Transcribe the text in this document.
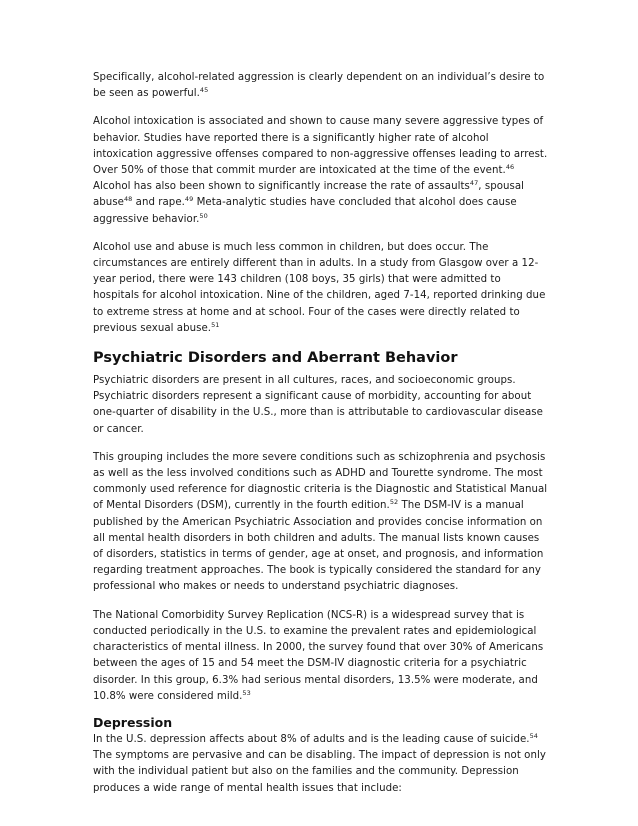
Specifically, alcohol-related aggression is clearly dependent on an individual’s desire to be seen as powerful.$^{45}$

Alcohol intoxication is associated and shown to cause many severe aggressive types of behavior. Studies have reported there is a significantly higher rate of alcohol intoxication aggressive offenses compared to non-aggressive offenses leading to arrest. Over 50% of those that commit murder are intoxicated at the time of the event.$^{46}$ Alcohol has also been shown to significantly increase the rate of assaults$^{47}$, spousal abuse$^{48}$ and rape.$^{49}$ Meta-analytic studies have concluded that alcohol does cause aggressive behavior.$^{50}$

Alcohol use and abuse is much less common in children, but does occur. The circumstances are entirely different than in adults. In a study from Glasgow over a 12-year period, there were 143 children (108 boys, 35 girls) that were admitted to hospitals for alcohol intoxication. Nine of the children, aged 7-14, reported drinking due to extreme stress at home and at school. Four of the cases were directly related to previous sexual abuse.$^{51}$

Psychiatric Disorders and Aberrant Behavior

Psychiatric disorders are present in all cultures, races, and socioeconomic groups. Psychiatric disorders represent a significant cause of morbidity, accounting for about one-quarter of disability in the U.S., more than is attributable to cardiovascular disease or cancer.

This grouping includes the more severe conditions such as schizophrenia and psychosis as well as the less involved conditions such as ADHD and Tourette syndrome. The most commonly used reference for diagnostic criteria is the Diagnostic and Statistical Manual of Mental Disorders (DSM), currently in the fourth edition.$^{52}$ The DSM-IV is a manual published by the American Psychiatric Association and provides concise information on all mental health disorders in both children and adults. The manual lists known causes of disorders, statistics in terms of gender, age at onset, and prognosis, and information regarding treatment approaches. The book is typically considered the standard for any professional who makes or needs to understand psychiatric diagnoses.

The National Comorbidity Survey Replication (NCS-R) is a widespread survey that is conducted periodically in the U.S. to examine the prevalent rates and epidemiological characteristics of mental illness. In 2000, the survey found that over 30% of Americans between the ages of 15 and 54 meet the DSM-IV diagnostic criteria for a psychiatric disorder. In this group, 6.3% had serious mental disorders, 13.5% were moderate, and 10.8% were considered mild.$^{53}$

Depression

In the U.S. depression affects about 8% of adults and is the leading cause of suicide.$^{54}$ The symptoms are pervasive and can be disabling. The impact of depression is not only with the individual patient but also on the families and the community. Depression produces a wide range of mental health issues that include:
